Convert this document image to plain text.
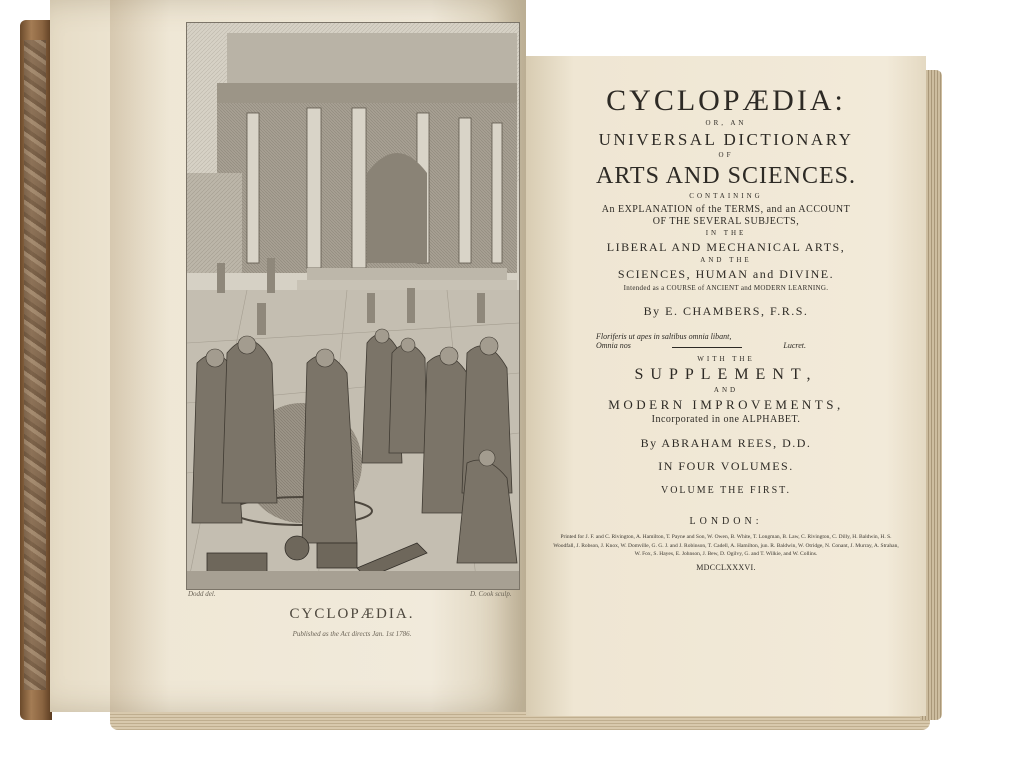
Dodd del.	D. Cook sculp.
CYCLOPÆDIA.
Published as the Act directs Jan. 1st 1786.
CYCLOPÆDIA:
OR, AN
UNIVERSAL DICTIONARY
OF
ARTS AND SCIENCES.
CONTAINING
An EXPLANATION of the TERMS, and an ACCOUNT
OF THE SEVERAL SUBJECTS,
IN THE
LIBERAL AND MECHANICAL ARTS,
AND THE
SCIENCES, HUMAN and DIVINE.
Intended as a COURSE of ANCIENT and MODERN LEARNING.
By E. CHAMBERS, F.R.S.
Floriferis ut apes in saltibus omnia libant,
Omnia nos	Lucret.
WITH THE
SUPPLEMENT,
AND
MODERN IMPROVEMENTS,
Incorporated in one ALPHABET.
By ABRAHAM REES, D.D.
IN FOUR VOLUMES.
VOLUME THE FIRST.
LONDON:
Printed for J. F. and C. Rivington, A. Hamilton, T. Payne and Son, W. Owen, B. White, T. Longman, B. Law, C. Rivington, C. Dilly, H. Baldwin, H. S. Woodfall, J. Robson, J. Knox, W. Domville, G. G. J. and J. Robinson, T. Cadell, A. Hamilton, jun. R. Baldwin, W. Otridge, N. Conant, J. Murray, A. Strahan, W. Fox, S. Hayes, E. Johnson, J. Bew, D. Ogilvy, G. and T. Wilkie, and W. Collins.
MDCCLXXXVI.
